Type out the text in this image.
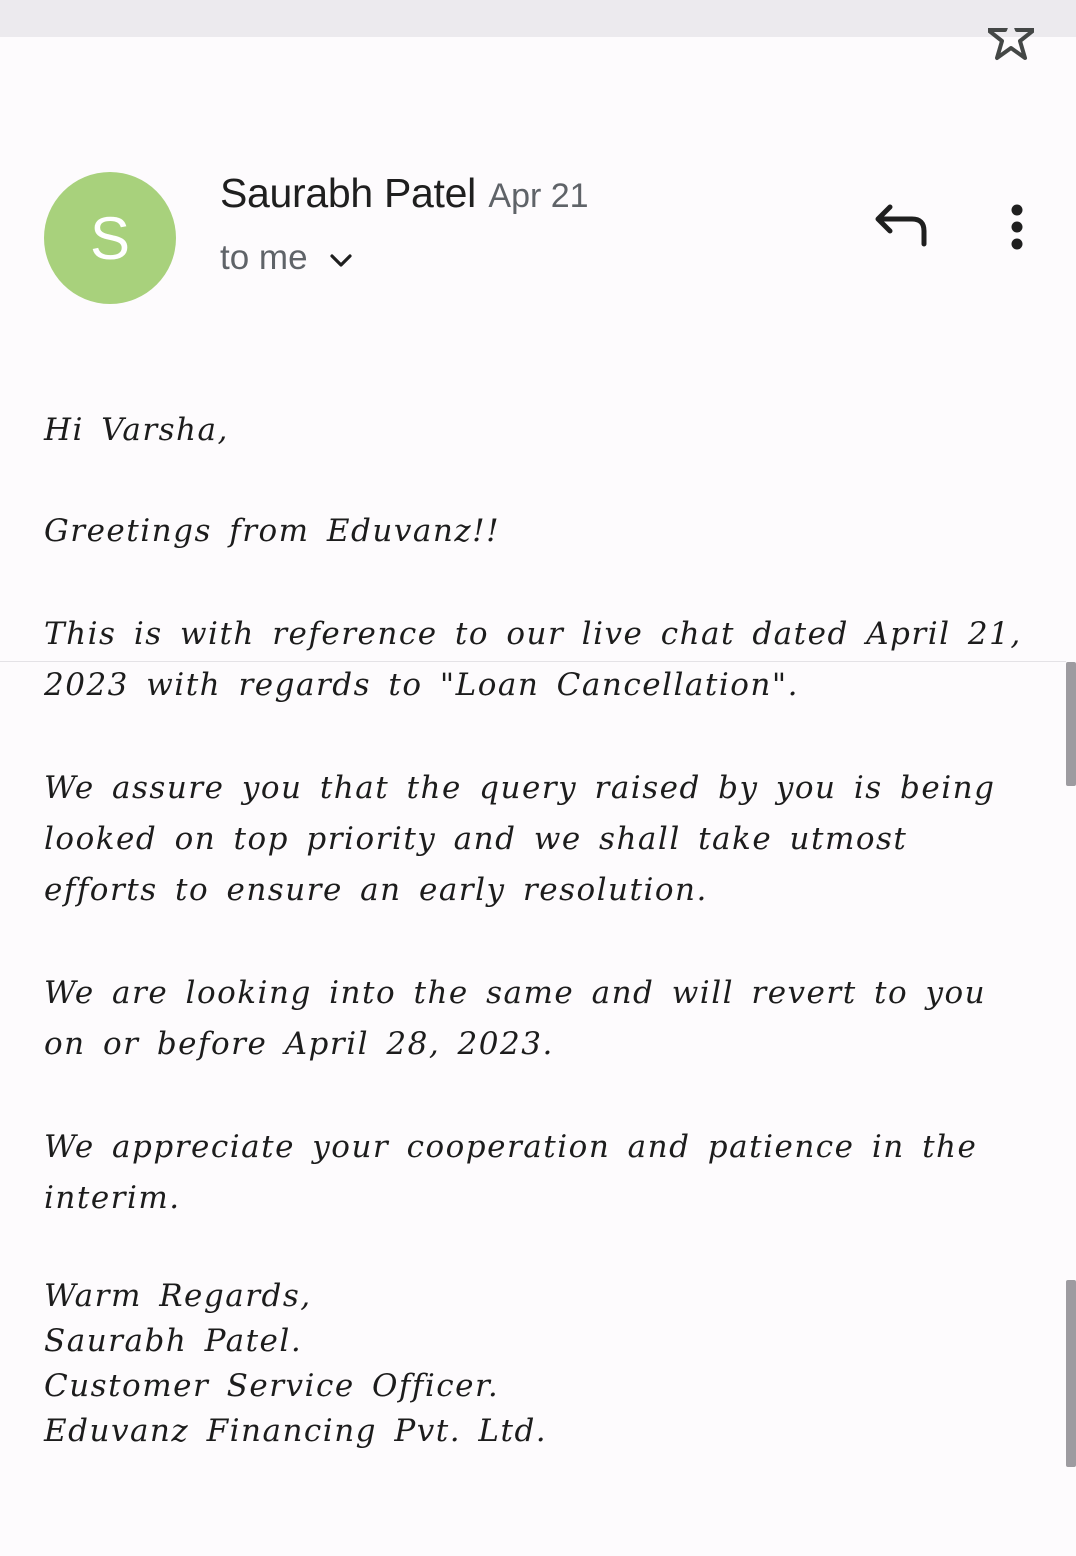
S
Saurabh Patel Apr 21
to me

Hi Varsha,

Greetings from Eduvanz!!

This is with reference to our live chat dated April 21, 2023 with regards to "Loan Cancellation".

We assure you that the query raised by you is being looked on top priority and we shall take utmost efforts to ensure an early resolution.

We are looking into the same and will revert to you on or before April 28, 2023.

We appreciate your cooperation and patience in the interim.

Warm Regards,

Saurabh Patel.

Customer Service Officer.

Eduvanz Financing Pvt. Ltd.
